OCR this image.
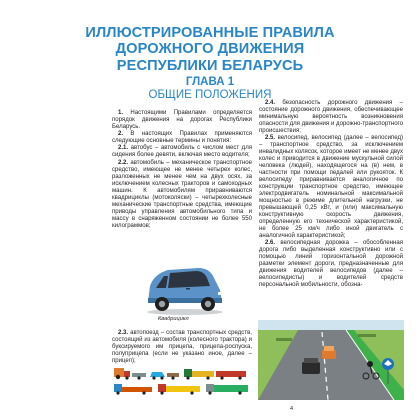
ИЛЛЮСТРИРОВАННЫЕ ПРАВИЛА
ДОРОЖНОГО ДВИЖЕНИЯ
РЕСПУБЛИКИ БЕЛАРУСЬ
ГЛАВА 1
ОБЩИЕ ПОЛОЖЕНИЯ

1. Настоящими Правилами определяется порядок движения на дорогах Республики Беларусь.

2. В настоящих Правилах применяются следующие основные термины и понятия:

2.1. автобус – автомобиль с числом мест для сидения более девяти, включая место водителя;

2.2. автомобиль – механическое транспортное средство, имеющее не менее четырех колес, разложенных не менее чем на двух осях, за исключением колесных тракторов и самоходных машин. К автомобилям приравниваются квадрициклы (мотоколяски) – четырехколесные механические транспортные средства, имеющие приводы управления автомобильного типа и массу в снаряженном состоянии не более 550 килограммов;

Квадрицикл

2.3. автопоезд – состав транспортных средств, состоящий из автомобиля (колесного трактора) и буксируемого им прицепа, прицепа-роспуска, полуприцепа (если не указано иное, далее – прицеп);

2.4. безопасность дорожного движения – состояние дорожного движения, обеспечивающее минимальную вероятность возникновения опасности для движения и дорожно-транспортного происшествия;

2.5. велосипед, велосипед (далее – велосипед) – транспортное средство, за исключением инвалидных колясок, которое имеет не менее двух колес и приводится в движение мускульной силой человека (людей), находящегося на (в) нем, в частности при помощи педалей или рукояток. К велосипеду приравнивается аналогичное по конструкции транспортное средство, имеющее электродвигатель номинальной максимальной мощностью в режиме длительной нагрузки, не превышающей 0,25 кВт, и (или) максимальную конструктивную скорость движения, определенную его технической характеристикой, не более 25 км/ч либо иной двигатель с аналогичной характеристикой;

2.6. велосипедная дорожка – обособленная дорога либо выделенная конструктивно или с помощью линий горизонтальной дорожной разметки элемент дороги, предназначенные для движения водителей велосипедов (далее – велосипедисты) и водителей средств персональной мобильности, обозна-

4
